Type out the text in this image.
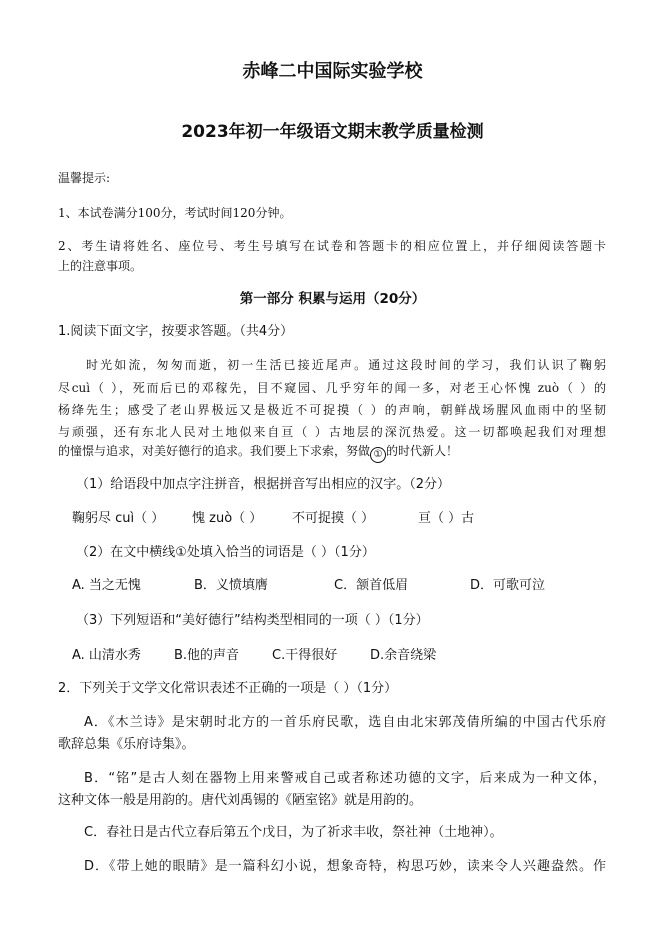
赤峰二中国际实验学校
2023年初一年级语文期末教学质量检测
温馨提示:
1、本试卷满分100分，考试时间120分钟。
2、考生请将姓名、座位号、考生号填写在试卷和答题卡的相应位置上，并仔细阅读答题卡
上的注意事项。
第一部分 积累与运用（20分）
1.阅读下面文字，按要求答题。（共4分）
时光如流，匆匆而逝，初一生活已接近尾声。通过这段时间的学习，我们认识了鞠躬
尽cuì（ ），死而后已的邓稼先，目不窥园、几乎穷年的闻一多，对老王心怀愧 zuò（ ）的
杨绛先生；感受了老山界极远又是极近不可捉摸（ ）的声响，朝鲜战场腥风血雨中的坚韧
与顽强，还有东北人民对土地似来自亘（ ）古地层的深沉热爱。这一切都唤起我们对理想
的憧憬与追求，对美好德行的追求。我们要上下求索，努做 ① 的时代新人！
（1）给语段中加点字注拼音，根据拼音写出相应的汉字。（2分）
鞠躬尽 cuì（ ） 愧 zuò（ ） 不可捉摸（ ）	亘（ ）古
（2）在文中横线①处填入恰当的词语是（ ）（1分）
A. 当之无愧	B．义愤填膺	C．颔首低眉	D．可歌可泣
（3）下列短语和“美好德行”结构类型相同的一项（ ）（1分）
A. 山清水秀	B.他的声音	C.干得很好	D.余音绕梁
2．下列关于文学文化常识表述不正确的一项是（ ）（1分）
A．《木兰诗》是宋朝时北方的一首乐府民歌，选自由北宋郭茂倩所编的中国古代乐府
歌辞总集《乐府诗集》。
B．“铭”是古人刻在器物上用来警戒自己或者称述功德的文字，后来成为一种文体，
这种文体一般是用韵的。唐代刘禹锡的《陋室铭》就是用韵的。
C．春社日是古代立春后第五个戊日，为了祈求丰收，祭社神（土地神）。
D．《带上她的眼睛》是一篇科幻小说，想象奇特，构思巧妙，读来令人兴趣盎然。作
